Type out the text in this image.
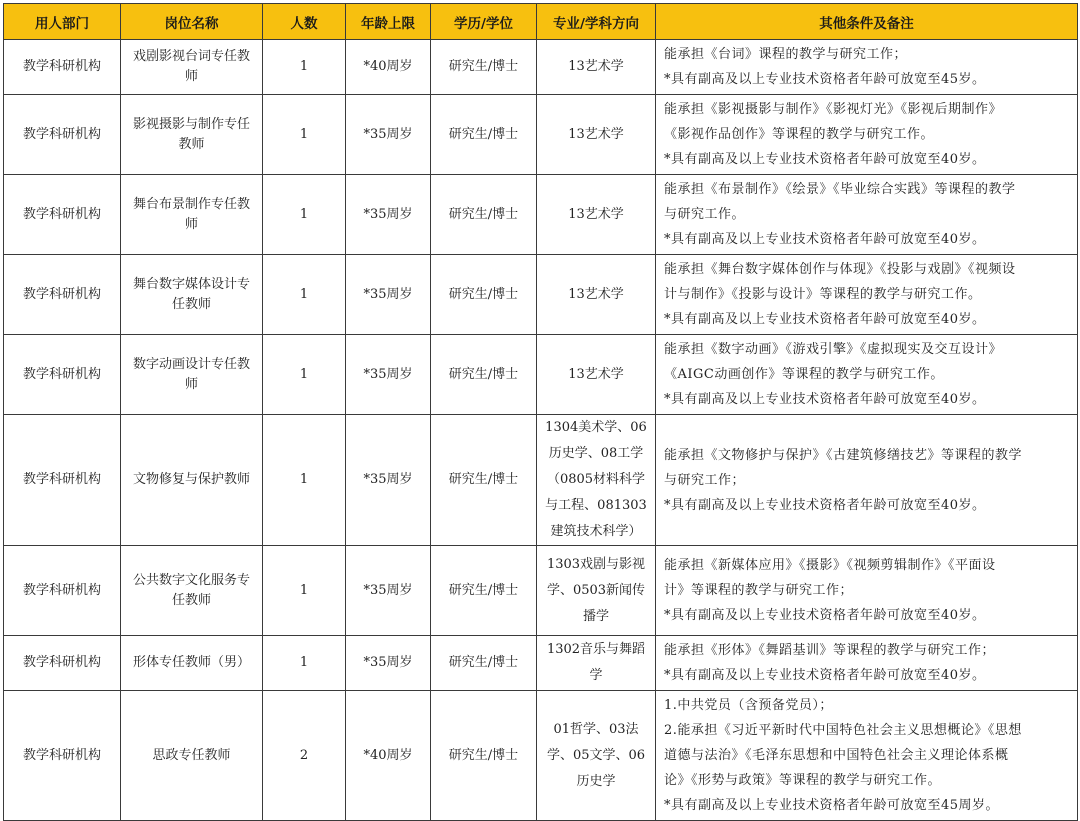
用人部门	岗位名称	人数	年龄上限	学历/学位	专业/学科方向	其他条件及备注
教学科研机构	戏剧影视台词专任教师	1	*40周岁	研究生/博士	13艺术学	能承担《台词》课程的教学与研究工作；
*具有副高及以上专业技术资格者年龄可放宽至45岁。

教学科研机构	影视摄影与制作专任教师	1	*35周岁	研究生/博士	13艺术学	能承担《影视摄影与制作》《影视灯光》《影视后期制作》
《影视作品创作》等课程的教学与研究工作。
*具有副高及以上专业技术资格者年龄可放宽至40岁。

教学科研机构	舞台布景制作专任教师	1	*35周岁	研究生/博士	13艺术学	能承担《布景制作》《绘景》《毕业综合实践》等课程的教学
与研究工作。
*具有副高及以上专业技术资格者年龄可放宽至40岁。

教学科研机构	舞台数字媒体设计专任教师	1	*35周岁	研究生/博士	13艺术学	能承担《舞台数字媒体创作与体现》《投影与戏剧》《视频设
计与制作》《投影与设计》等课程的教学与研究工作。
*具有副高及以上专业技术资格者年龄可放宽至40岁。

教学科研机构	数字动画设计专任教师	1	*35周岁	研究生/博士	13艺术学	能承担《数字动画》《游戏引擎》《虚拟现实及交互设计》
《AIGC动画创作》等课程的教学与研究工作。
*具有副高及以上专业技术资格者年龄可放宽至40岁。

教学科研机构	文物修复与保护教师	1	*35周岁	研究生/博士	1304美术学、06历史学、08工学（0805材料科学与工程、081303建筑技术科学）	能承担《文物修护与保护》《古建筑修缮技艺》等课程的教学
与研究工作；
*具有副高及以上专业技术资格者年龄可放宽至40岁。

教学科研机构	公共数字文化服务专任教师	1	*35周岁	研究生/博士	1303戏剧与影视学、0503新闻传播学	能承担《新媒体应用》《摄影》《视频剪辑制作》《平面设
计》等课程的教学与研究工作；
*具有副高及以上专业技术资格者年龄可放宽至40岁。

教学科研机构	形体专任教师（男）	1	*35周岁	研究生/博士	1302音乐与舞蹈学	能承担《形体》《舞蹈基训》等课程的教学与研究工作；
*具有副高及以上专业技术资格者年龄可放宽至40岁。

教学科研机构	思政专任教师	2	*40周岁	研究生/博士	01哲学、03法学、05文学、06历史学	1.中共党员（含预备党员）；
2.能承担《习近平新时代中国特色社会主义思想概论》《思想
道德与法治》《毛泽东思想和中国特色社会主义理论体系概
论》《形势与政策》等课程的教学与研究工作。
*具有副高及以上专业技术资格者年龄可放宽至45周岁。
